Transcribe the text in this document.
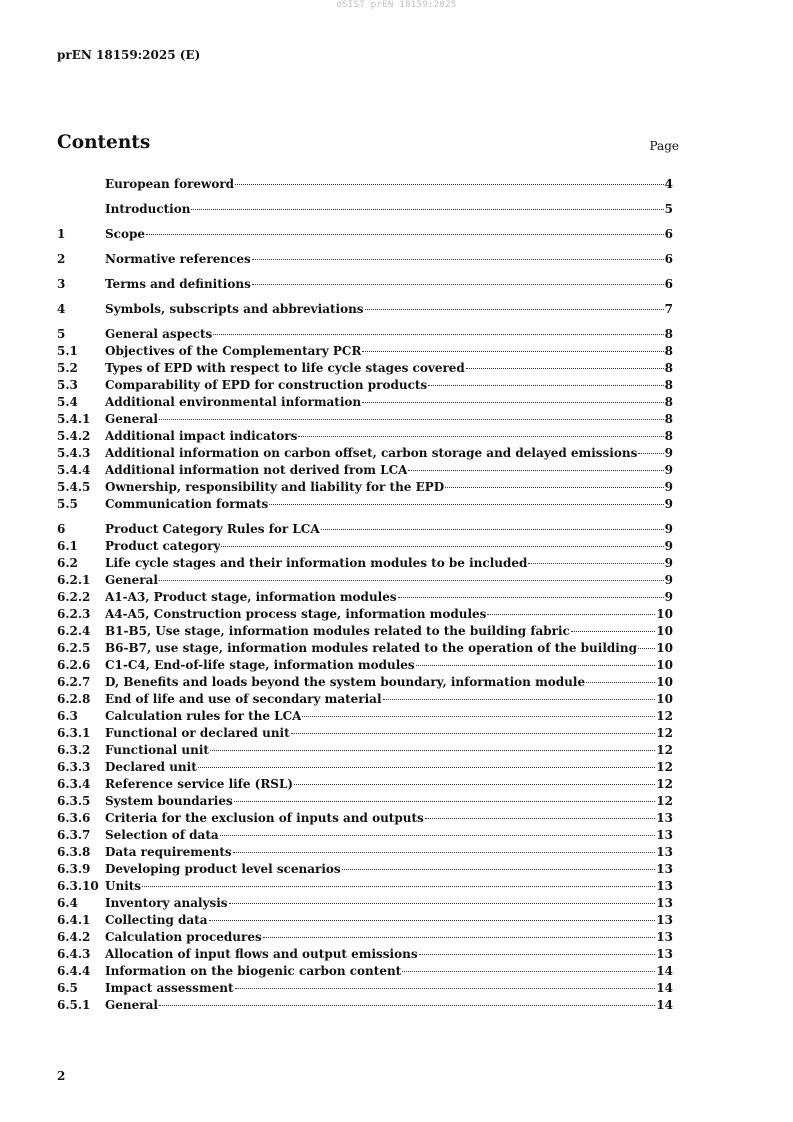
oSIST prEN 18159:2025
prEN 18159:2025 (E)
Contents	Page
European foreword	4
Introduction	5
1	Scope	6
2	Normative references	6
3	Terms and definitions	6
4	Symbols, subscripts and abbreviations	7
5	General aspects	8
5.1	Objectives of the Complementary PCR	8
5.2	Types of EPD with respect to life cycle stages covered	8
5.3	Comparability of EPD for construction products	8
5.4	Additional environmental information	8
5.4.1	General	8
5.4.2	Additional impact indicators	8
5.4.3	Additional information on carbon offset, carbon storage and delayed emissions 9
5.4.4	Additional information not derived from LCA	9
5.4.5	Ownership, responsibility and liability for the EPD	9
5.5	Communication formats	9
6	Product Category Rules for LCA	9
6.1	Product category	9
6.2	Life cycle stages and their information modules to be included	9
6.2.1	General	9
6.2.2	A1-A3, Product stage, information modules	9
6.2.3	A4-A5, Construction process stage, information modules	10
6.2.4	B1-B5, Use stage, information modules related to the building fabric	10
6.2.5	B6-B7, use stage, information modules related to the operation of the building 10
6.2.6	C1-C4, End-of-life stage, information modules	10
6.2.7	D, Benefits and loads beyond the system boundary, information module	10
6.2.8	End of life and use of secondary material	10
6.3	Calculation rules for the LCA	12
6.3.1	Functional or declared unit	12
6.3.2	Functional unit	12
6.3.3	Declared unit	12
6.3.4	Reference service life (RSL)	12
6.3.5	System boundaries	12
6.3.6	Criteria for the exclusion of inputs and outputs	13
6.3.7	Selection of data	13
6.3.8	Data requirements	13
6.3.9	Developing product level scenarios	13
6.3.10 Units	13
6.4	Inventory analysis	13
6.4.1	Collecting data	13
6.4.2	Calculation procedures	13
6.4.3	Allocation of input flows and output emissions	13
6.4.4	Information on the biogenic carbon content	14
6.5	Impact assessment	14
6.5.1	General	14
2
